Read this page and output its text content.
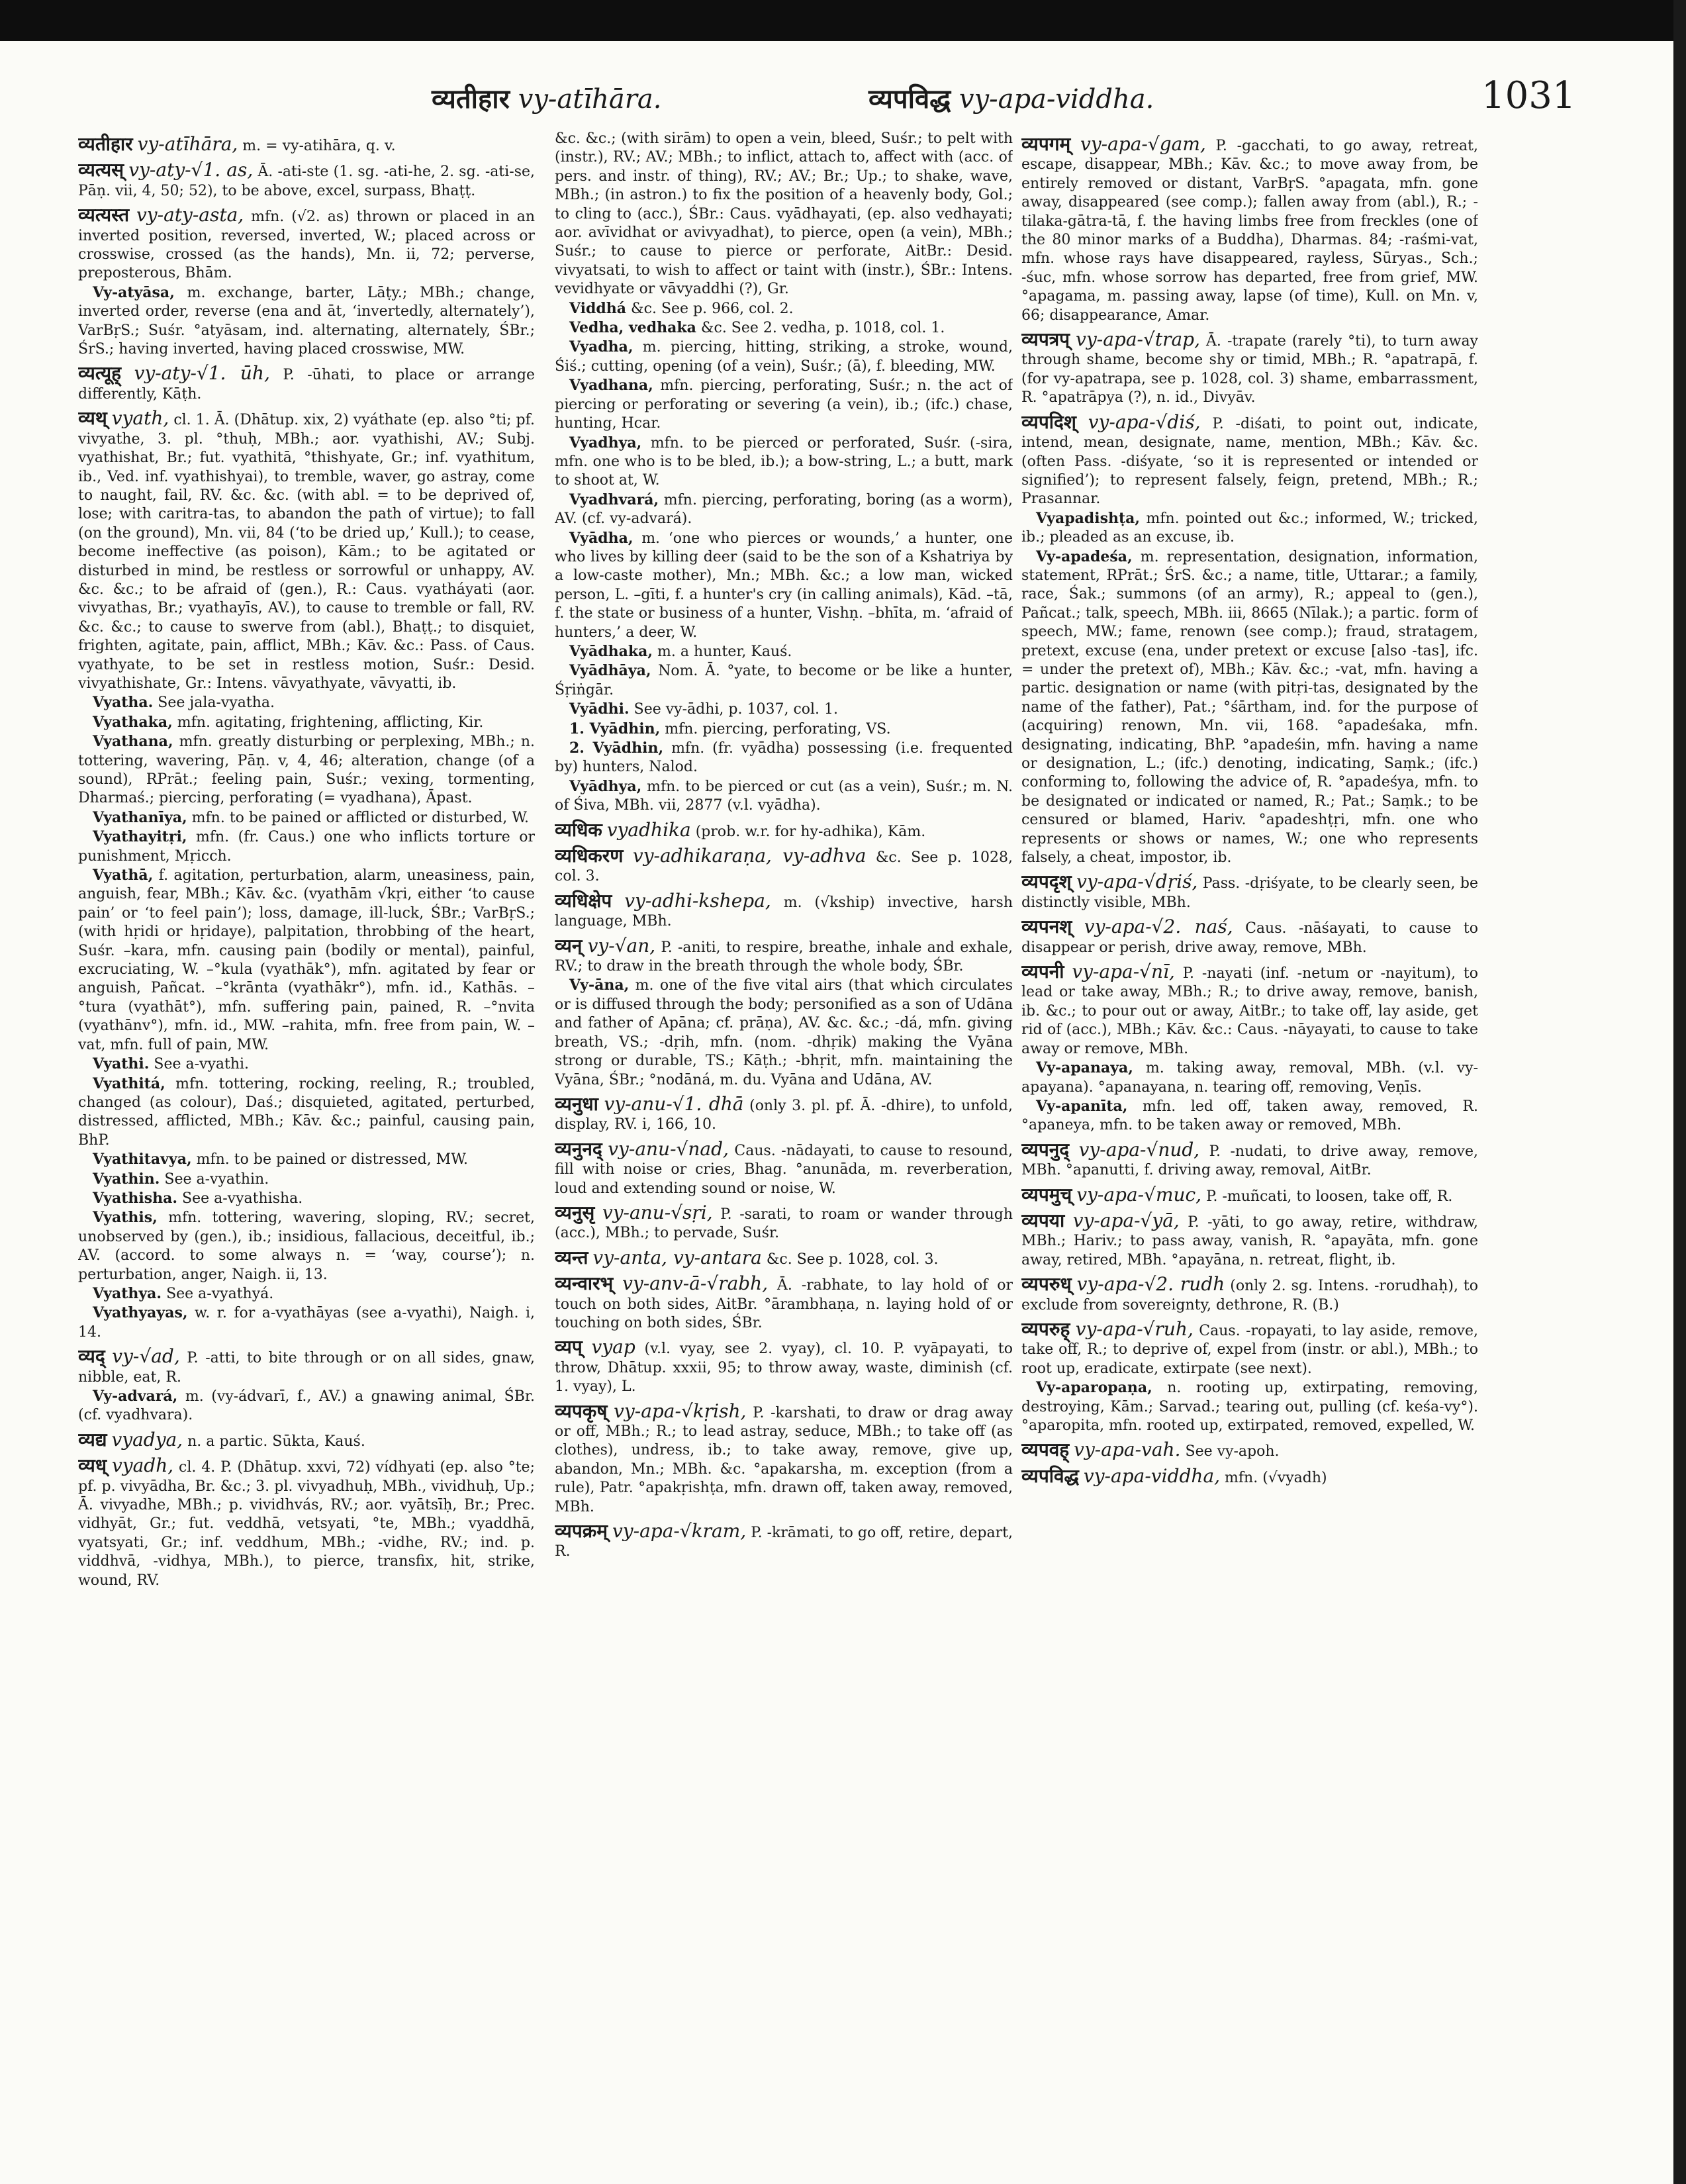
व्यतीहार vy-atīhāra.	व्यपविद्ध vy-apa-viddha.	1031
व्यतीहार vy-atīhāra, m. = vy-atihāra, q. v.
व्यत्यस् vy-aty-√1. as, Ā. -ati-ste (1. sg. -ati-he, 2. sg. -ati-se, Pāṇ. vii, 4, 50; 52), to be above, excel, surpass, Bhaṭṭ.
व्यत्यस्त vy-aty-asta, mfn. (√2. as) thrown or placed in an inverted position, reversed, inverted, W.; placed across or crosswise, crossed (as the hands), Mn. ii, 72; perverse, preposterous, Bhām.
Vy-atyāsa, m. exchange, barter, Lāṭy.; MBh.; change, inverted order, reverse (ena and āt, ‘invertedly, alternately’), VarBṛS.; Suśr. °atyāsam, ind. alternating, alternately, ŚBr.; ŚrS.; having inverted, having placed crosswise, MW.
व्यत्यूह् vy-aty-√1. ūh, P. -ūhati, to place or arrange differently, Kāṭh.
व्यथ् vyath, cl. 1. Ā. (Dhātup. xix, 2) vyáthate (ep. also °ti; pf. vivyathe, 3. pl. °thuḥ, MBh.; aor. vyathishi, AV.; Subj. vyathishat, Br.; fut. vyathitā, °thishyate, Gr.; inf. vyathitum, ib., Ved. inf. vyathishyai), to tremble, waver, go astray, come to naught, fail, RV. &c. &c. (with abl. = to be deprived of, lose; with caritra-tas, to abandon the path of virtue); to fall (on the ground), Mn. vii, 84 (‘to be dried up,’ Kull.); to cease, become ineffective (as poison), Kām.; to be agitated or disturbed in mind, be restless or sorrowful or unhappy, AV. &c. &c.; to be afraid of (gen.), R.: Caus. vyatháyati (aor. vivyathas, Br.; vyathayīs, AV.), to cause to tremble or fall, RV. &c. &c.; to cause to swerve from (abl.), Bhaṭṭ.; to disquiet, frighten, agitate, pain, afflict, MBh.; Kāv. &c.: Pass. of Caus. vyathyate, to be set in restless motion, Suśr.: Desid. vivyathishate, Gr.: Intens. vāvyathyate, vāvyatti, ib.
Vyatha. See jala-vyatha.
Vyathaka, mfn. agitating, frightening, afflicting, Kir.
Vyathana, mfn. greatly disturbing or perplexing, MBh.; n. tottering, wavering, Pāṇ. v, 4, 46; alteration, change (of a sound), RPrāt.; feeling pain, Suśr.; vexing, tormenting, Dharmaś.; piercing, perforating (= vyadhana), Āpast.
Vyathanīya, mfn. to be pained or afflicted or disturbed, W.
Vyathayitṛi, mfn. (fr. Caus.) one who inflicts torture or punishment, Mṛicch.
Vyathā, f. agitation, perturbation, alarm, uneasiness, pain, anguish, fear, MBh.; Kāv. &c. (vyathām √kṛi, either ‘to cause pain’ or ‘to feel pain’); loss, damage, ill-luck, ŚBr.; VarBṛS.; (with hṛidi or hṛidaye), palpitation, throbbing of the heart, Suśr. –kara, mfn. causing pain (bodily or mental), painful, excruciating, W. –°kula (vyathāk°), mfn. agitated by fear or anguish, Pañcat. –°krānta (vyathākr°), mfn. id., Kathās. –°tura (vyathāt°), mfn. suffering pain, pained, R. –°nvita (vyathānv°), mfn. id., MW. –rahita, mfn. free from pain, W. –vat, mfn. full of pain, MW.
Vyathi. See a-vyathi.
Vyathitá, mfn. tottering, rocking, reeling, R.; troubled, changed (as colour), Daś.; disquieted, agitated, perturbed, distressed, afflicted, MBh.; Kāv. &c.; painful, causing pain, BhP.
Vyathitavya, mfn. to be pained or distressed, MW.
Vyathin. See a-vyathin.
Vyathisha. See a-vyathisha.
Vyathis, mfn. tottering, wavering, sloping, RV.; secret, unobserved by (gen.), ib.; insidious, fallacious, deceitful, ib.; AV. (accord. to some always n. = ‘way, course’); n. perturbation, anger, Naigh. ii, 13.
Vyathya. See a-vyathyá.
Vyathyayas, w. r. for a-vyathāyas (see a-vyathi), Naigh. i, 14.
व्यद् vy-√ad, P. -atti, to bite through or on all sides, gnaw, nibble, eat, R.
Vy-advará, m. (vy-ádvarī, f., AV.) a gnawing animal, ŚBr. (cf. vyadhvara).
व्यद्य vyadya, n. a partic. Sūkta, Kauś.
व्यध् vyadh, cl. 4. P. (Dhātup. xxvi, 72) vídhyati (ep. also °te; pf. p. vivyādha, Br. &c.; 3. pl. vivyadhuḥ, MBh., vividhuḥ, Up.; Ā. vivyadhe, MBh.; p. vividhvás, RV.; aor. vyātsīḥ, Br.; Prec. vidhyāt, Gr.; fut. veddhā, vetsyati, °te, MBh.; vyaddhā, vyatsyati, Gr.; inf. veddhum, MBh.; -vidhe, RV.; ind. p. viddhvā, -vidhya, MBh.), to pierce, transfix, hit, strike, wound, RV.
&c. &c.; (with sirām) to open a vein, bleed, Suśr.; to pelt with (instr.), RV.; AV.; MBh.; to inflict, attach to, affect with (acc. of pers. and instr. of thing), RV.; AV.; Br.; Up.; to shake, wave, MBh.; (in astron.) to fix the position of a heavenly body, Gol.; to cling to (acc.), ŚBr.: Caus. vyādhayati, (ep. also vedhayati; aor. avīvidhat or avivyadhat), to pierce, open (a vein), MBh.; Suśr.; to cause to pierce or perforate, AitBr.: Desid. vivyatsati, to wish to affect or taint with (instr.), ŚBr.: Intens. vevidhyate or vāvyaddhi (?), Gr.
Viddhá &c. See p. 966, col. 2.
Vedha, vedhaka &c. See 2. vedha, p. 1018, col. 1.
Vyadha, m. piercing, hitting, striking, a stroke, wound, Śiś.; cutting, opening (of a vein), Suśr.; (ā), f. bleeding, MW.
Vyadhana, mfn. piercing, perforating, Suśr.; n. the act of piercing or perforating or severing (a vein), ib.; (ifc.) chase, hunting, Hcar.
Vyadhya, mfn. to be pierced or perforated, Suśr. (-sira, mfn. one who is to be bled, ib.); a bow-string, L.; a butt, mark to shoot at, W.
Vyadhvará, mfn. piercing, perforating, boring (as a worm), AV. (cf. vy-advará).
Vyādha, m. ‘one who pierces or wounds,’ a hunter, one who lives by killing deer (said to be the son of a Kshatriya by a low-caste mother), Mn.; MBh. &c.; a low man, wicked person, L. –gīti, f. a hunter's cry (in calling animals), Kād. –tā, f. the state or business of a hunter, Vishṇ. –bhīta, m. ‘afraid of hunters,’ a deer, W.
Vyādhaka, m. a hunter, Kauś.
Vyādhāya, Nom. Ā. °yate, to become or be like a hunter, Śṛiṅgār.
Vyādhi. See vy-ādhi, p. 1037, col. 1.
1. Vyādhin, mfn. piercing, perforating, VS.
2. Vyādhin, mfn. (fr. vyādha) possessing (i.e. frequented by) hunters, Nalod.
Vyādhya, mfn. to be pierced or cut (as a vein), Suśr.; m. N. of Śiva, MBh. vii, 2877 (v.l. vyādha).
व्यधिक vyadhika (prob. w.r. for hy-adhika), Kām.
व्यधिकरण vy-adhikaraṇa, vy-adhva &c. See p. 1028, col. 3.
व्यधिक्षेप vy-adhi-kshepa, m. (√kship) invective, harsh language, MBh.
व्यन् vy-√an, P. -aniti, to respire, breathe, inhale and exhale, RV.; to draw in the breath through the whole body, ŚBr.
Vy-āna, m. one of the five vital airs (that which circulates or is diffused through the body; personified as a son of Udāna and father of Apāna; cf. prāṇa), AV. &c. &c.; -dá, mfn. giving breath, VS.; -dṛih, mfn. (nom. -dhṛik) making the Vyāna strong or durable, TS.; Kāṭh.; -bhṛit, mfn. maintaining the Vyāna, ŚBr.; °nodāná, m. du. Vyāna and Udāna, AV.
व्यनुधा vy-anu-√1. dhā (only 3. pl. pf. Ā. -dhire), to unfold, display, RV. i, 166, 10.
व्यनुनद् vy-anu-√nad, Caus. -nādayati, to cause to resound, fill with noise or cries, Bhag. °anunāda, m. reverberation, loud and extending sound or noise, W.
व्यनुसृ vy-anu-√sṛi, P. -sarati, to roam or wander through (acc.), MBh.; to pervade, Suśr.
व्यन्त vy-anta, vy-antara &c. See p. 1028, col. 3.
व्यन्वारभ् vy-anv-ā-√rabh, Ā. -rabhate, to lay hold of or touch on both sides, AitBr. °ārambhaṇa, n. laying hold of or touching on both sides, ŚBr.
व्यप् vyap (v.l. vyay, see 2. vyay), cl. 10. P. vyāpayati, to throw, Dhātup. xxxii, 95; to throw away, waste, diminish (cf. 1. vyay), L.
व्यपकृष् vy-apa-√kṛish, P. -karshati, to draw or drag away or off, MBh.; R.; to lead astray, seduce, MBh.; to take off (as clothes), undress, ib.; to take away, remove, give up, abandon, Mn.; MBh. &c. °apakarsha, m. exception (from a rule), Patr. °apakṛishṭa, mfn. drawn off, taken away, removed, MBh.
व्यपक्रम् vy-apa-√kram, P. -krāmati, to go off, retire, depart, R.
व्यपगम् vy-apa-√gam, P. -gacchati, to go away, retreat, escape, disappear, MBh.; Kāv. &c.; to move away from, be entirely removed or distant, VarBṛS. °apagata, mfn. gone away, disappeared (see comp.); fallen away from (abl.), R.; -tilaka-gātra-tā, f. the having limbs free from freckles (one of the 80 minor marks of a Buddha), Dharmas. 84; -raśmi-vat, mfn. whose rays have disappeared, rayless, Sūryas., Sch.; -śuc, mfn. whose sorrow has departed, free from grief, MW. °apagama, m. passing away, lapse (of time), Kull. on Mn. v, 66; disappearance, Amar.
व्यपत्रप् vy-apa-√trap, Ā. -trapate (rarely °ti), to turn away through shame, become shy or timid, MBh.; R. °apatrapā, f. (for vy-apatrapa, see p. 1028, col. 3) shame, embarrassment, R. °apatrāpya (?), n. id., Divyāv.
व्यपदिश् vy-apa-√diś, P. -diśati, to point out, indicate, intend, mean, designate, name, mention, MBh.; Kāv. &c. (often Pass. -diśyate, ‘so it is represented or intended or signified’); to represent falsely, feign, pretend, MBh.; R.; Prasannar.
Vyapadishṭa, mfn. pointed out &c.; informed, W.; tricked, ib.; pleaded as an excuse, ib.
Vy-apadeśa, m. representation, designation, information, statement, RPrāt.; ŚrS. &c.; a name, title, Uttarar.; a family, race, Śak.; summons (of an army), R.; appeal to (gen.), Pañcat.; talk, speech, MBh. iii, 8665 (Nīlak.); a partic. form of speech, MW.; fame, renown (see comp.); fraud, stratagem, pretext, excuse (ena, under pretext or excuse [also -tas], ifc. = under the pretext of), MBh.; Kāv. &c.; -vat, mfn. having a partic. designation or name (with pitṛi-tas, designated by the name of the father), Pat.; °śārtham, ind. for the purpose of (acquiring) renown, Mn. vii, 168. °apadeśaka, mfn. designating, indicating, BhP. °apadeśin, mfn. having a name or designation, L.; (ifc.) denoting, indicating, Saṃk.; (ifc.) conforming to, following the advice of, R. °apadeśya, mfn. to be designated or indicated or named, R.; Pat.; Saṃk.; to be censured or blamed, Hariv. °apadeshṭṛi, mfn. one who represents or shows or names, W.; one who represents falsely, a cheat, impostor, ib.
व्यपदृश् vy-apa-√dṛiś, Pass. -dṛiśyate, to be clearly seen, be distinctly visible, MBh.
व्यपनश् vy-apa-√2. naś, Caus. -nāśayati, to cause to disappear or perish, drive away, remove, MBh.
व्यपनी vy-apa-√nī, P. -nayati (inf. -netum or -nayitum), to lead or take away, MBh.; R.; to drive away, remove, banish, ib. &c.; to pour out or away, AitBr.; to take off, lay aside, get rid of (acc.), MBh.; Kāv. &c.: Caus. -nāyayati, to cause to take away or remove, MBh.
Vy-apanaya, m. taking away, removal, MBh. (v.l. vy-apayana). °apanayana, n. tearing off, removing, Veṇīs.
Vy-apanīta, mfn. led off, taken away, removed, R. °apaneya, mfn. to be taken away or removed, MBh.
व्यपनुद् vy-apa-√nud, P. -nudati, to drive away, remove, MBh. °apanutti, f. driving away, removal, AitBr.
व्यपमुच् vy-apa-√muc, P. -muñcati, to loosen, take off, R.
व्यपया vy-apa-√yā, P. -yāti, to go away, retire, withdraw, MBh.; Hariv.; to pass away, vanish, R. °apayāta, mfn. gone away, retired, MBh. °apayāna, n. retreat, flight, ib.
व्यपरुध् vy-apa-√2. rudh (only 2. sg. Intens. -rorudhaḥ), to exclude from sovereignty, dethrone, R. (B.)
व्यपरुह् vy-apa-√ruh, Caus. -ropayati, to lay aside, remove, take off, R.; to deprive of, expel from (instr. or abl.), MBh.; to root up, eradicate, extirpate (see next).
Vy-aparopaṇa, n. rooting up, extirpating, removing, destroying, Kām.; Sarvad.; tearing out, pulling (cf. keśa-vy°). °aparopita, mfn. rooted up, extirpated, removed, expelled, W.
व्यपवह् vy-apa-vah. See vy-apoh.
व्यपविद्ध vy-apa-viddha, mfn. (√vyadh)
